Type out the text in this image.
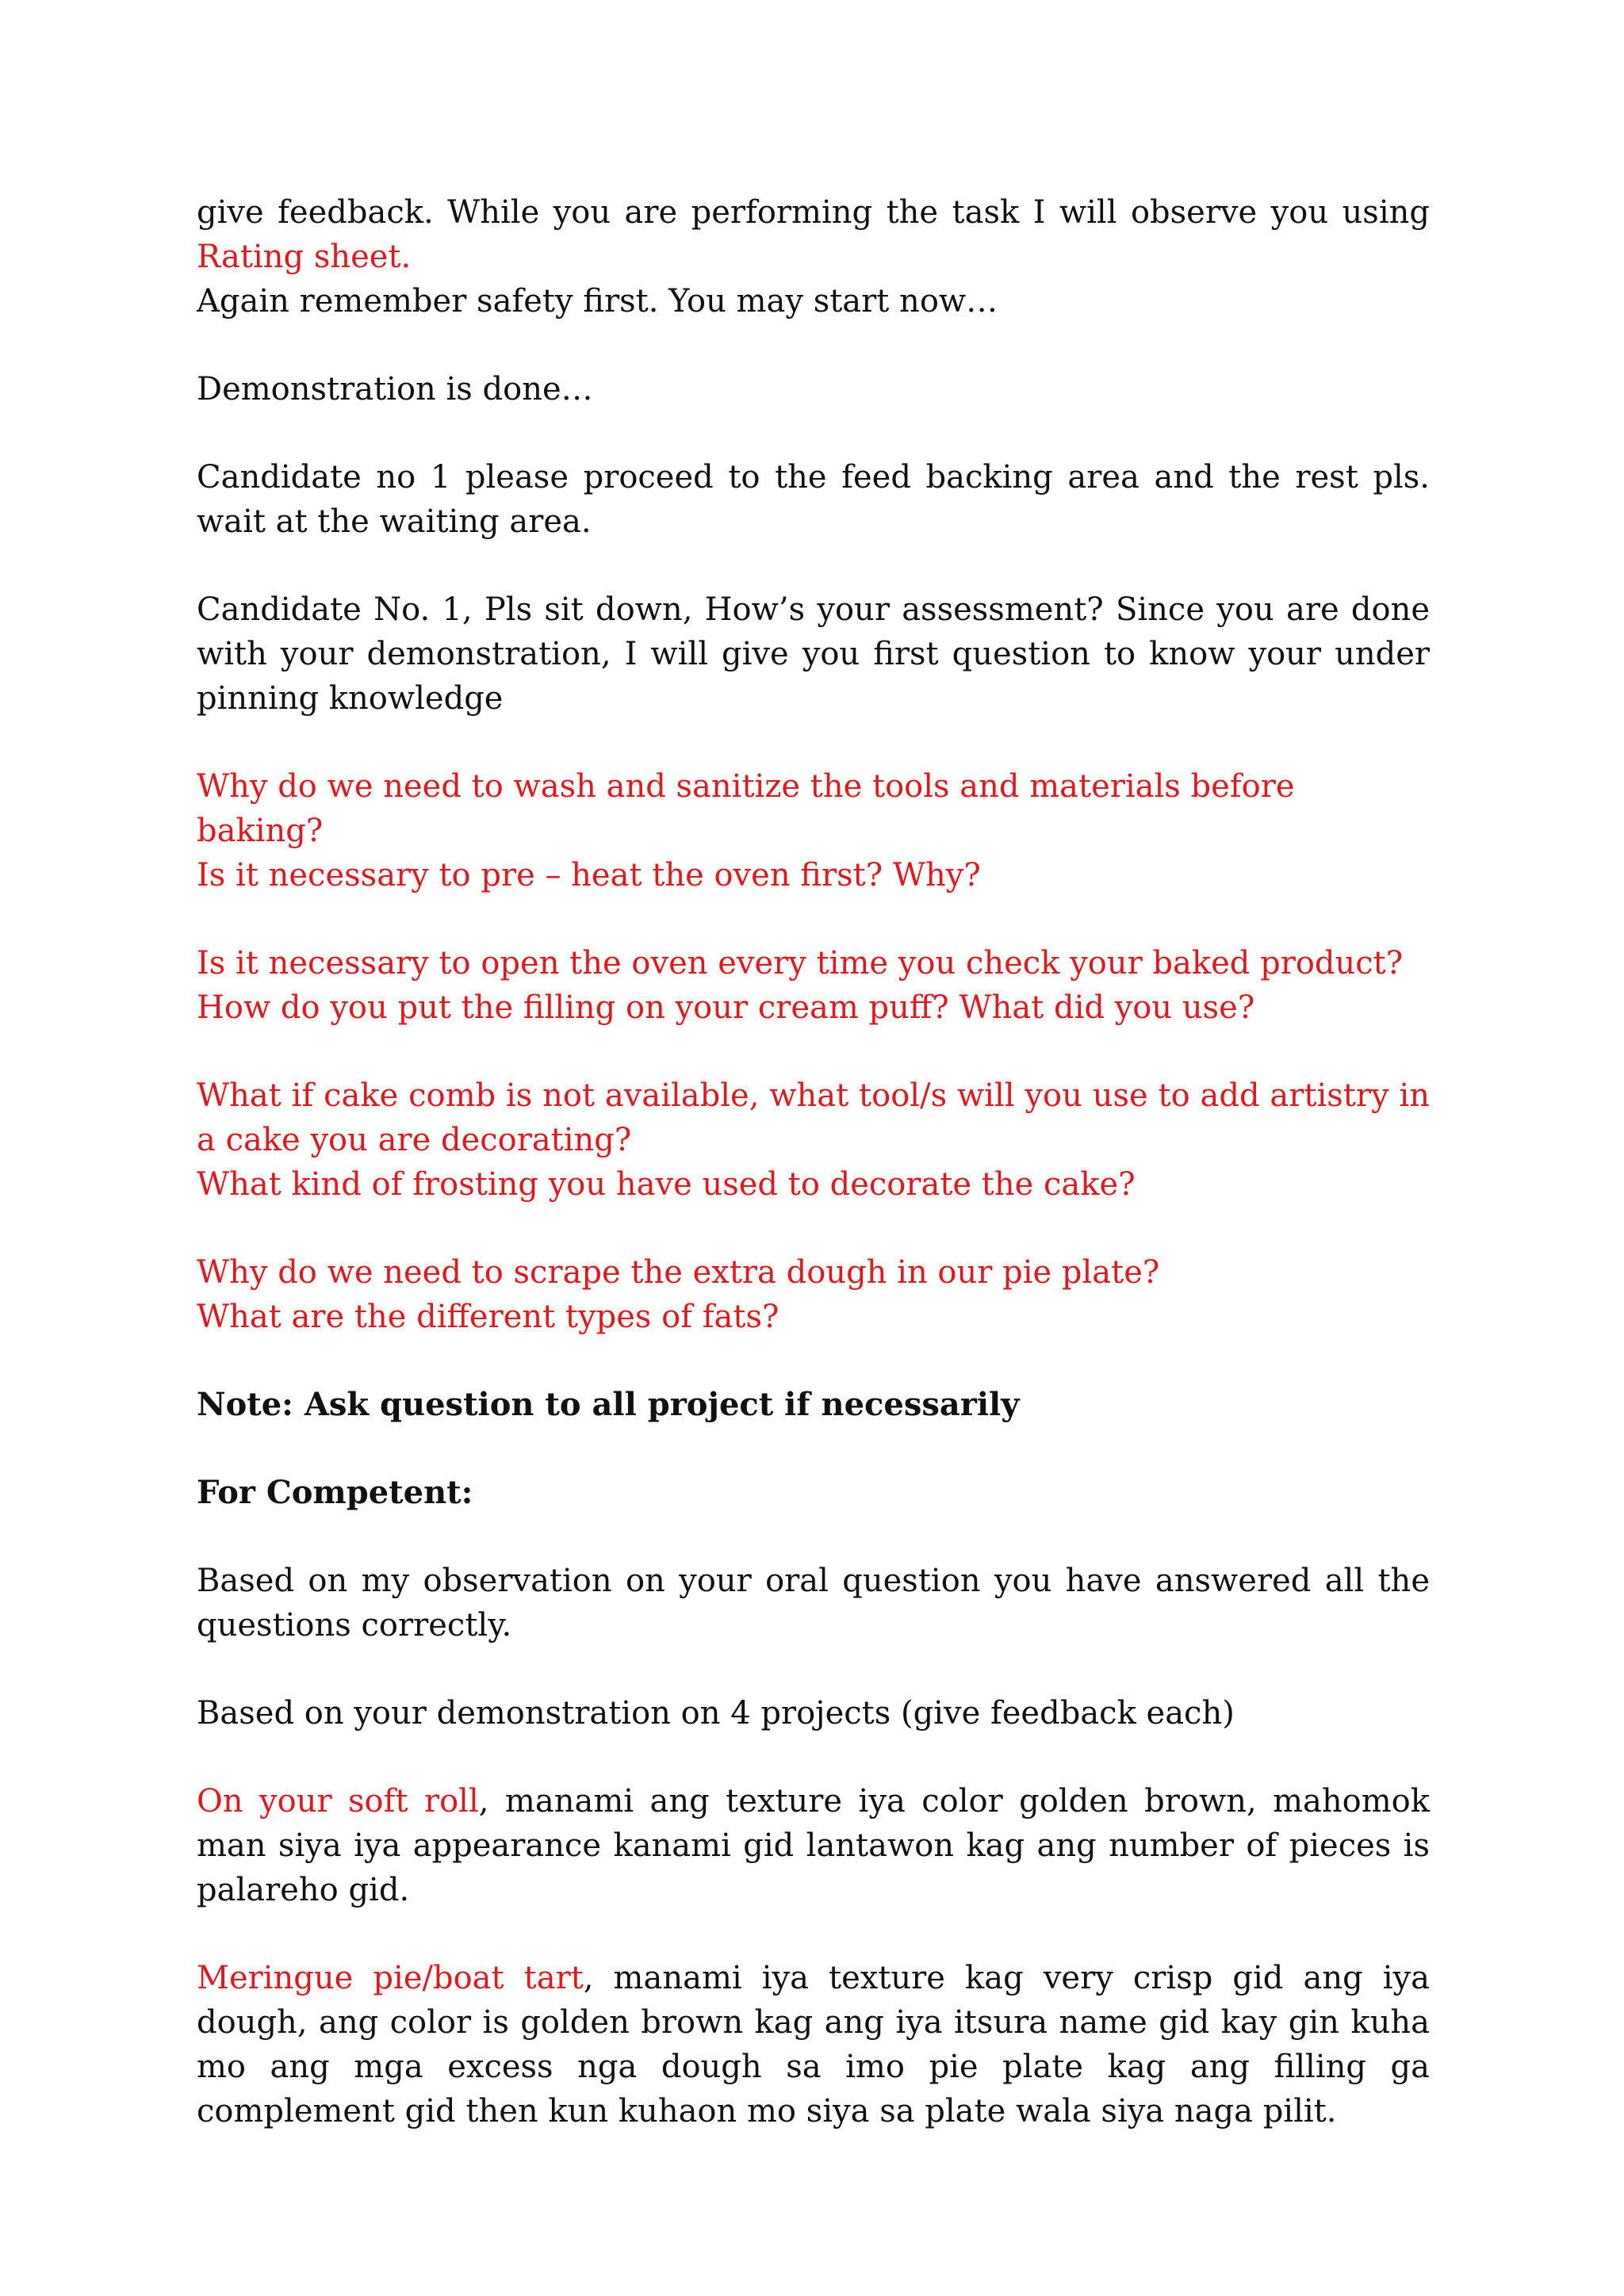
give feedback. While you are performing the task I will observe you using Rating sheet.
Again remember safety first. You may start now…

Demonstration is done…

Candidate no 1 please proceed to the feed backing area and the rest pls. wait at the waiting area.

Candidate No. 1, Pls sit down, How’s your assessment? Since you are done with your demonstration, I will give you first question to know your under pinning knowledge

Why do we need to wash and sanitize the tools and materials before baking?
Is it necessary to pre – heat the oven first? Why?
Is it necessary to open the oven every time you check your baked product?
How do you put the filling on your cream puff? What did you use?
What if cake comb is not available, what tool/s will you use to add artistry in a cake you are decorating?
What kind of frosting you have used to decorate the cake?
Why do we need to scrape the extra dough in our pie plate?
What are the different types of fats?

Note: Ask question to all project if necessarily

For Competent:

Based on my observation on your oral question you have answered all the questions correctly.

Based on your demonstration on 4 projects (give feedback each)

On your soft roll, manami ang texture iya color golden brown, mahomok man siya iya appearance kanami gid lantawon kag ang number of pieces is palareho gid.

Meringue pie/boat tart, manami iya texture kag very crisp gid ang iya dough, ang color is golden brown kag ang iya itsura name gid kay gin kuha mo ang mga excess nga dough sa imo pie plate kag ang filling ga complement gid then kun kuhaon mo siya sa plate wala siya naga pilit.
